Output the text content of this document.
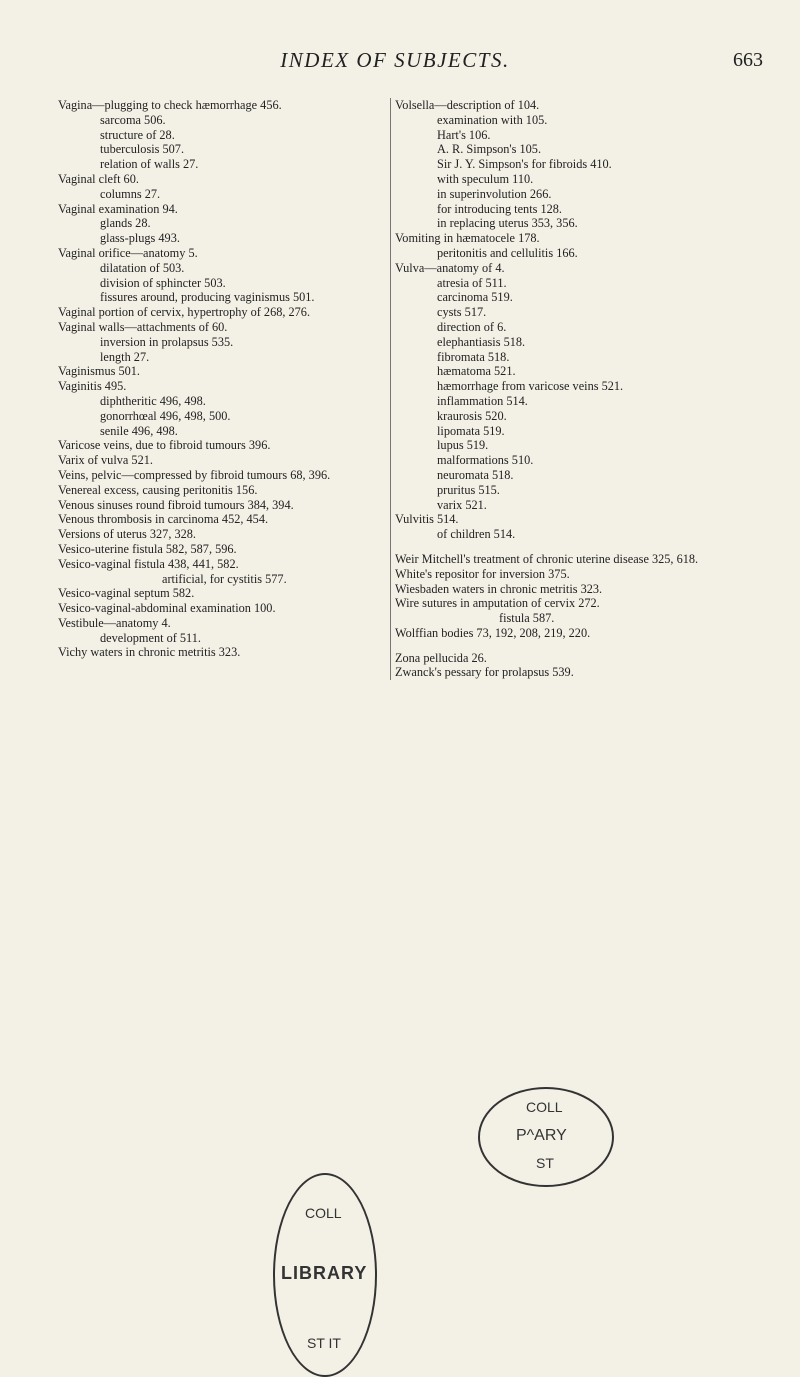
INDEX OF SUBJECTS.	663

Vagina—plugging to check hæmorrhage 456.

sarcoma 506.

structure of 28.

tuberculosis 507.

relation of walls 27.

Vaginal cleft 60.

columns 27.

Vaginal examination 94.

glands 28.

glass-plugs 493.

Vaginal orifice—anatomy 5.

dilatation of 503.

division of sphincter 503.

fissures around, producing vaginismus 501.

Vaginal portion of cervix, hypertrophy of 268, 276.

Vaginal walls—attachments of 60.

inversion in prolapsus 535.

length 27.

Vaginismus 501.

Vaginitis 495.

diphtheritic 496, 498.

gonorrhœal 496, 498, 500.

senile 496, 498.

Varicose veins, due to fibroid tumours 396.

Varix of vulva 521.

Veins, pelvic—compressed by fibroid tumours 68, 396.

Venereal excess, causing peritonitis 156.

Venous sinuses round fibroid tumours 384, 394.

Venous thrombosis in carcinoma 452, 454.

Versions of uterus 327, 328.

Vesico-uterine fistula 582, 587, 596.

Vesico-vaginal fistula 438, 441, 582.

artificial, for cystitis 577.

Vesico-vaginal septum 582.

Vesico-vaginal-abdominal examination 100.

Vestibule—anatomy 4.

development of 511.

Vichy waters in chronic metritis 323.

Volsella—description of 104.

examination with 105.

Hart's 106.

A. R. Simpson's 105.

Sir J. Y. Simpson's for fibroids 410.

with speculum 110.

in superinvolution 266.

for introducing tents 128.

in replacing uterus 353, 356.

Vomiting in hæmatocele 178.

peritonitis and cellulitis 166.

Vulva—anatomy of 4.

atresia of 511.

carcinoma 519.

cysts 517.

direction of 6.

elephantiasis 518.

fibromata 518.

hæmatoma 521.

hæmorrhage from varicose veins 521.

inflammation 514.

kraurosis 520.

lipomata 519.

lupus 519.

malformations 510.

neuromata 518.

pruritus 515.

varix 521.

Vulvitis 514.

of children 514.

Weir Mitchell's treatment of chronic uterine disease 325, 618.

White's repositor for inversion 375.

Wiesbaden waters in chronic metritis 323.

Wire sutures in amputation of cervix 272.

fistula 587.

Wolffian bodies 73, 192, 208, 219, 220.

Zona pellucida 26.

Zwanck's pessary for prolapsus 539.

COLL
LIBRARY
ST IT
COLL
P^ARY
ST
